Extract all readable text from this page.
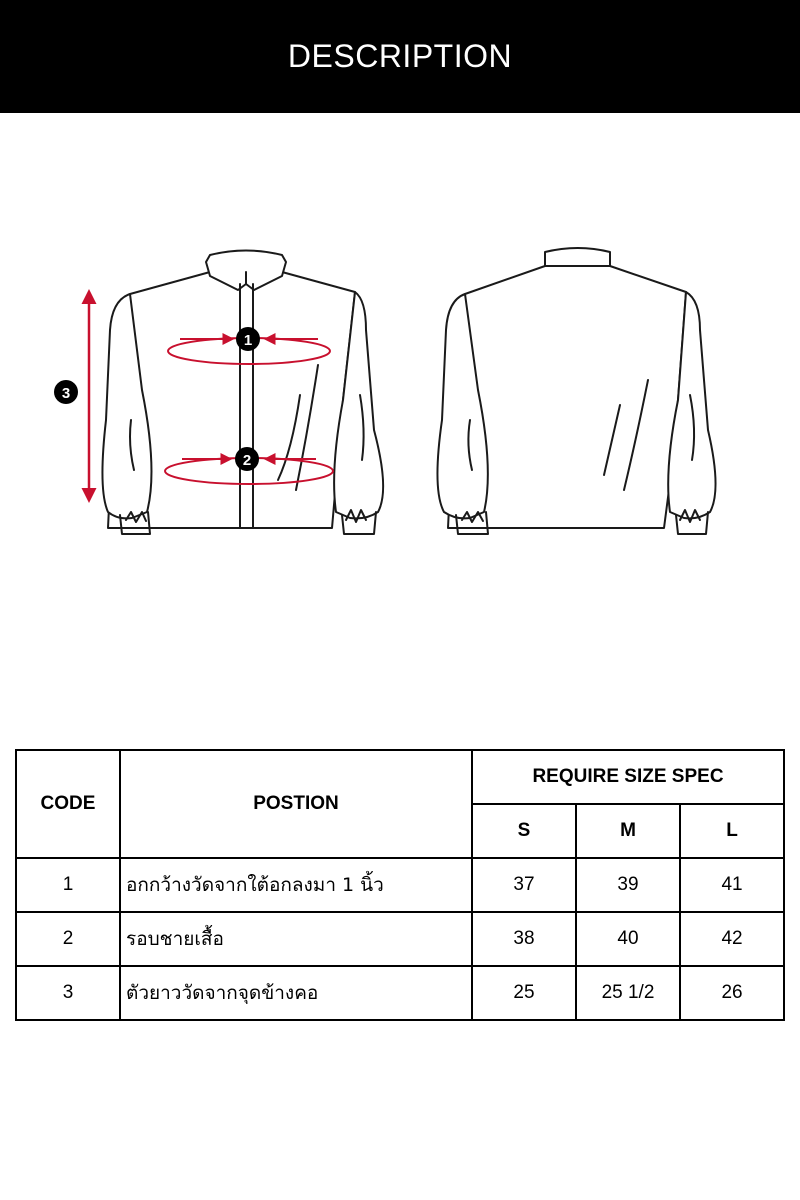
DESCRIPTION
1
2
3
CODE	POSTION	REQUIRE SIZE SPEC		
		S	M	L
1	อกกว้างวัดจากใต้อกลงมา 1 นิ้ว	37	39	41
2	รอบชายเสื้อ	38	40	42
3	ตัวยาววัดจากจุดข้างคอ	25	25 1/2	26
